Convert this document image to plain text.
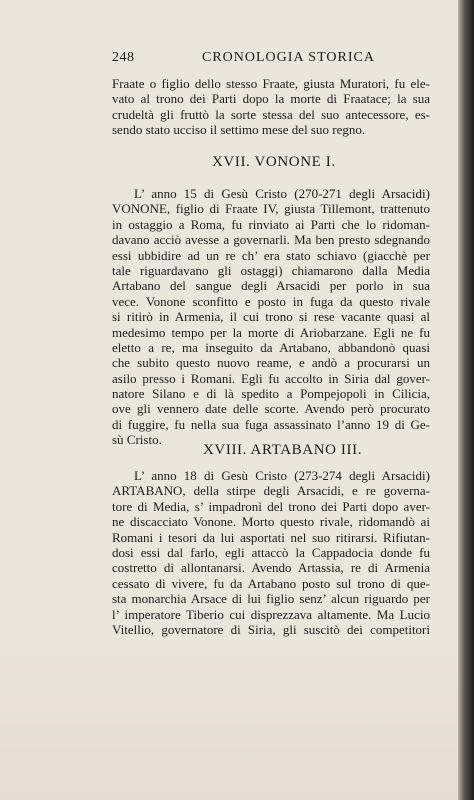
248	CRONOLOGIA STORICA

Fraate o figlio dello stesso Fraate, giusta Muratori, fu ele-
vato al trono dei Parti dopo la morte di Fraatace; la sua
crudeltà gli fruttò la sorte stessa del suo antecessore, es-
sendo stato ucciso il settimo mese del suo regno.

XVII. VONONE I.

L’ anno 15 di Gesù Cristo (270-271 degli Arsacidi)
VONONE, figlio di Fraate IV, giusta Tillemont, trattenuto
in ostaggio a Roma, fu rinviato ai Parti che lo ridoman-
davano acciò avesse a governarli. Ma ben presto sdegnando
essi ubbidire ad un re ch’ era stato schiavo (giacchè per
tale riguardavano gli ostaggi) chiamarono dalla Media
Artabano del sangue degli Arsacidi per porlo in sua
vece. Vonone sconfitto e posto in fuga da questo rivale
si ritirò in Armenia, il cui trono si rese vacante quasi al
medesimo tempo per la morte di Ariobarzane. Egli ne fu
eletto a re, ma inseguito da Artabano, abbandonò quasi
che subito questo nuovo reame, e andò a procurarsi un
asilo presso i Romani. Egli fu accolto in Siria dal gover-
natore Silano e di là spedito a Pompejopoli in Cilicia,
ove gli vennero date delle scorte. Avendo però procurato
di fuggire, fu nella sua fuga assassinato l’anno 19 di Ge-
sù Cristo.

XVIII. ARTABANO III.

L’ anno 18 di Gesù Cristo (273-274 degli Arsacidi)
ARTABANO, della stirpe degli Arsacidi, e re governa-
tore di Media, s’ impadronì del trono dei Parti dopo aver-
ne discacciato Vonone. Morto questo rivale, ridomandò ai
Romani i tesori da lui asportati nel suo ritirarsi. Rifiutan-
dosi essi dal farlo, egli attaccò la Cappadocia donde fu
costretto di allontanarsi. Avendo Artassia, re di Armenia
cessato di vivere, fu da Artabano posto sul trono di que-
sta monarchia Arsace di lui figlio senz’ alcun riguardo per
l’ imperatore Tiberio cui disprezzava altamente. Ma Lucio
Vitellio, governatore di Siria, gli suscitò dei competitori
